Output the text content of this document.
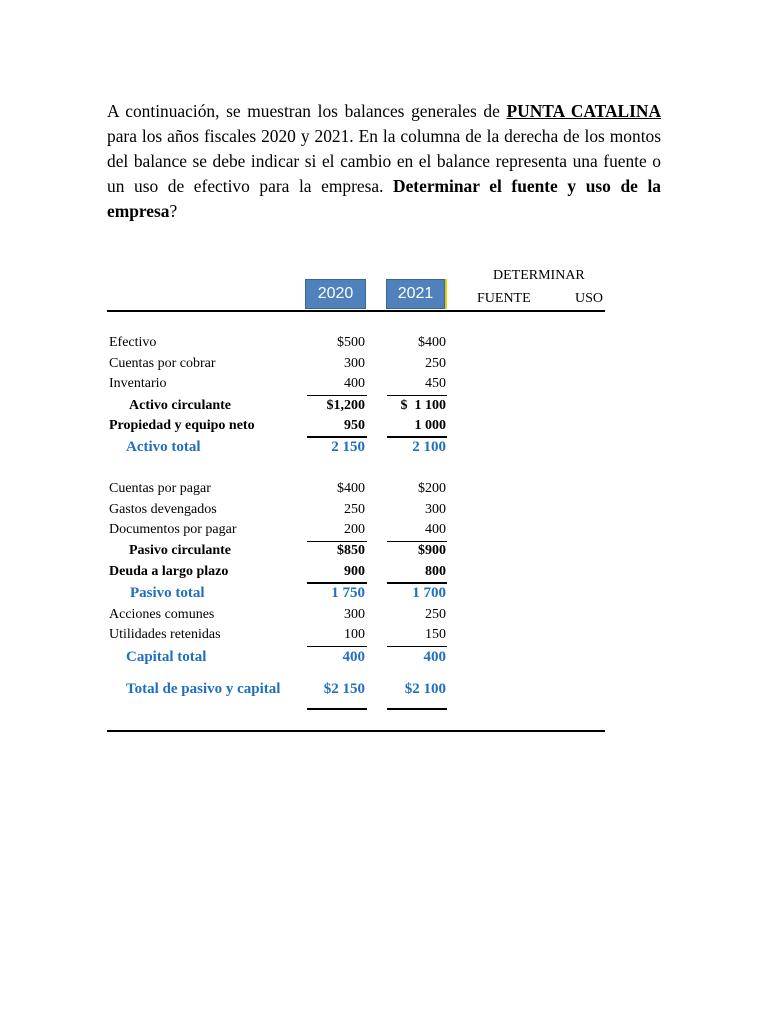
A continuación, se muestran los balances generales de PUNTA CATALINA para los años fiscales 2020 y 2021. En la columna de la derecha de los montos del balance se debe indicar si el cambio en el balance representa una fuente o un uso de efectivo para la empresa. Determinar el fuente y uso de la empresa?

2020	2021
DETERMINAR
FUENTE	USO
Efectivo	$500	$400
Cuentas por cobrar	300	250
Inventario	400	450
Activo circulante	$1,200	$  1 100
Propiedad y equipo neto	950	1 000
Activo total	2 150	2 100
Cuentas por pagar	$400	$200
Gastos devengados	250	300
Documentos por pagar	200	400
Pasivo circulante	$850	$900
Deuda a largo plazo	900	800
Pasivo total	1 750	1 700
Acciones comunes	300	250
Utilidades retenidas	100	150
Capital total	400	400
Total de pasivo y capital	$2 150	$2 100
